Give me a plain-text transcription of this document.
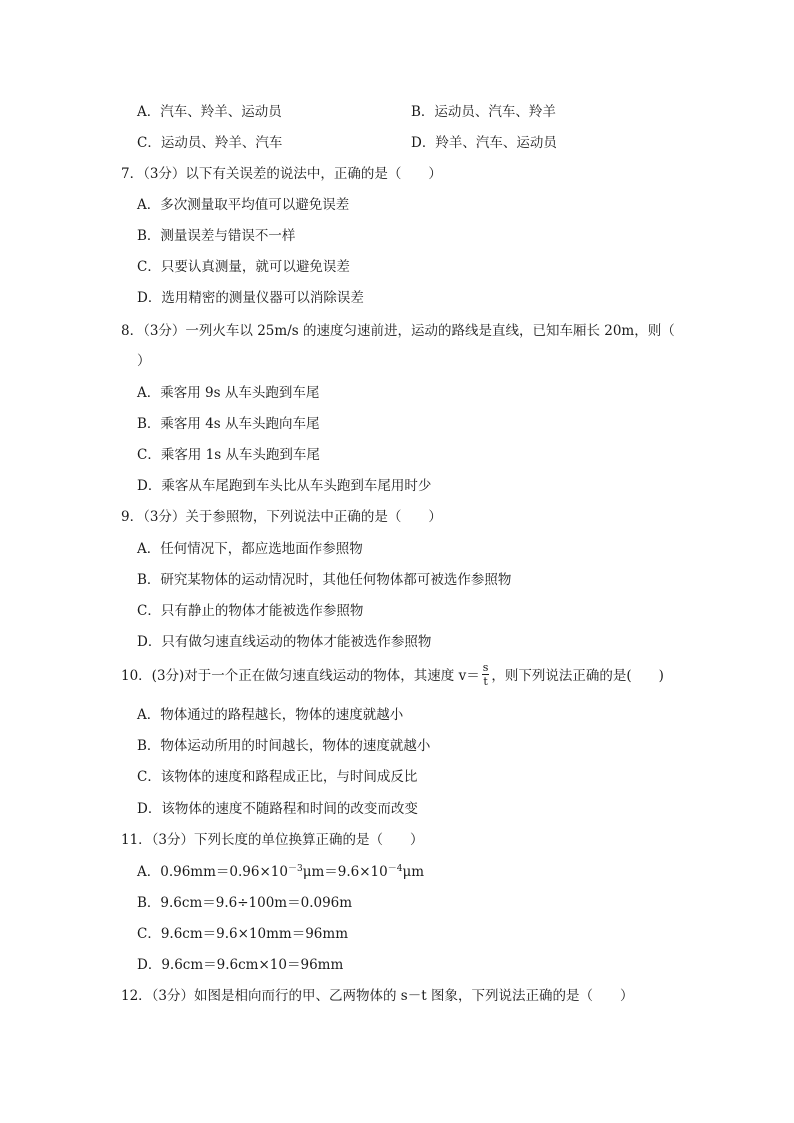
A．汽车、羚羊、运动员	B．运动员、汽车、羚羊
C．运动员、羚羊、汽车	D．羚羊、汽车、运动员
7．（3分）以下有关误差的说法中，正确的是（　　）
A．多次测量取平均值可以避免误差
B．测量误差与错误不一样
C．只要认真测量，就可以避免误差
D．选用精密的测量仪器可以消除误差
8．（3分）一列火车以 25m/s 的速度匀速前进，运动的路线是直线，已知车厢长 20m，则（
）
A．乘客用 9s 从车头跑到车尾
B．乘客用 4s 从车头跑向车尾
C．乘客用 1s 从车头跑到车尾
D．乘客从车尾跑到车头比从车头跑到车尾用时少
9．（3分）关于参照物，下列说法中正确的是（　　）
A．任何情况下，都应选地面作参照物
B．研究某物体的运动情况时，其他任何物体都可被选作参照物
C．只有静止的物体才能被选作参照物
D．只有做匀速直线运动的物体才能被选作参照物
10．(3分)对于一个正在做匀速直线运动的物体，其速度 $v= \frac{s}{t}$ ，则下列说法正确的是(　　)
A．物体通过的路程越长，物体的速度就越小
B．物体运动所用的时间越长，物体的速度就越小
C．该物体的速度和路程成正比，与时间成反比
D．该物体的速度不随路程和时间的改变而改变
11．（3分）下列长度的单位换算正确的是（　　）
A．$0.96mm=0.96\times 10^{-3}\mu m=9.6\times 10^{-4}\mu m$
B．9.6cm＝9.6÷100m＝0.096m
C．9.6cm＝9.6×10mm＝96mm
D．9.6cm＝9.6cm×10＝96mm
12．（3分）如图是相向而行的甲、乙两物体的 s－t 图象，下列说法正确的是（　　）
